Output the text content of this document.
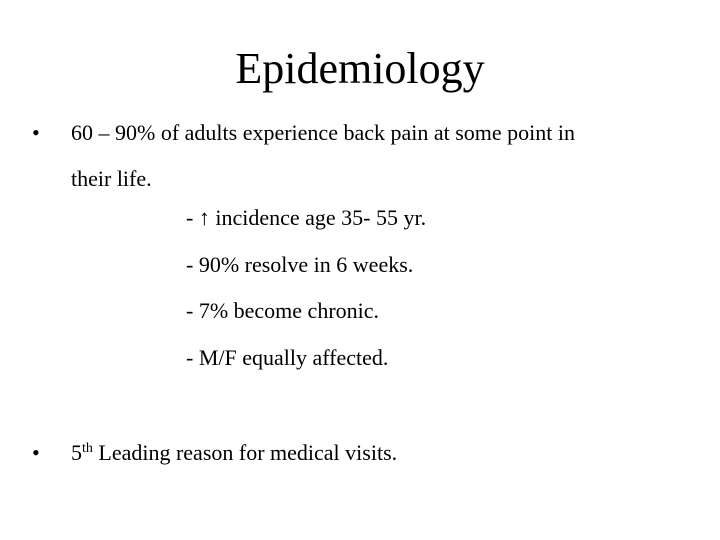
Epidemiology
•	60 – 90% of adults experience back pain at some point in
their life.
- ↑ incidence age 35- 55 yr.
- 90% resolve in 6 weeks.
- 7% become chronic.
- M/F equally affected.
•	5th Leading reason for medical visits.
